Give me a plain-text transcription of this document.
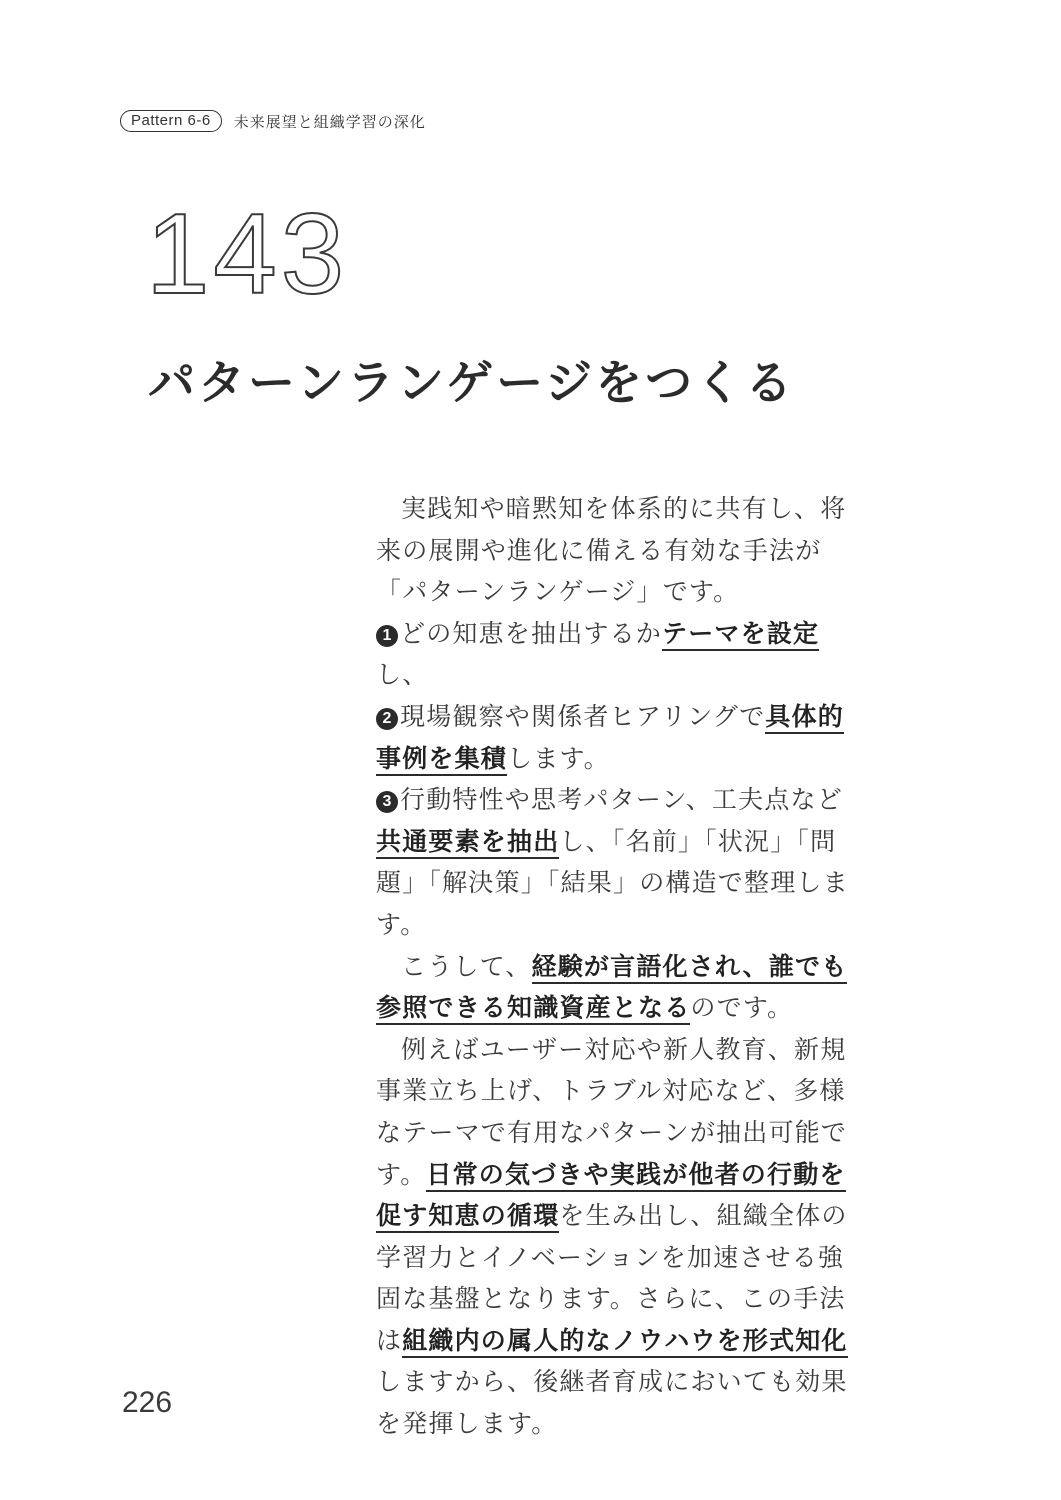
Pattern 6-6	未来展望と組織学習の深化
143
パターンランゲージをつくる

実践知や暗黙知を体系的に共有し、将来の展開や進化に備える有効な手法が「パターンランゲージ」です。

1 どの知恵を抽出するかテーマを設定し、

2 現場観察や関係者ヒアリングで具体的事例を集積します。

3 行動特性や思考パターン、工夫点など共通要素を抽出し、「名前」「状況」「問題」「解決策」「結果」の構造で整理します。

こうして、経験が言語化され、誰でも参照できる知識資産となるのです。

例えばユーザー対応や新人教育、新規事業立ち上げ、トラブル対応など、多様なテーマで有用なパターンが抽出可能です。日常の気づきや実践が他者の行動を促す知恵の循環を生み出し、組織全体の学習力とイノベーションを加速させる強固な基盤となります。さらに、この手法は組織内の属人的なノウハウを形式知化しますから、後継者育成においても効果を発揮します。

226
